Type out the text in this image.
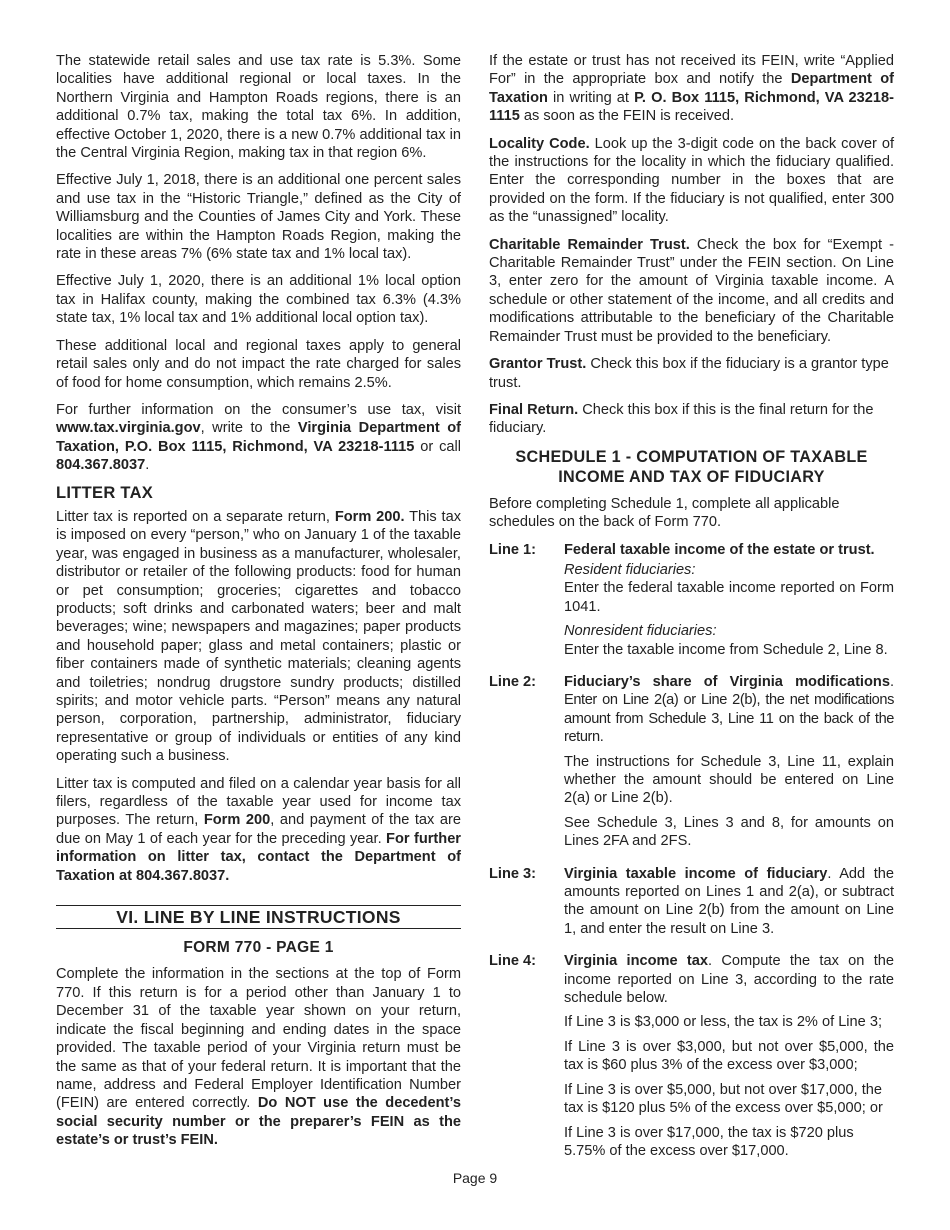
The statewide retail sales and use tax rate is 5.3%. Some localities have additional regional or local taxes. In the Northern Virginia and Hampton Roads regions, there is an additional 0.7% tax, making the total tax 6%. In addition, effective October 1, 2020, there is a new 0.7% additional tax in the Central Virginia Region, making tax in that region 6%.

Effective July 1, 2018, there is an additional one percent sales and use tax in the “Historic Triangle,” defined as the City of Williamsburg and the Counties of James City and York. These localities are within the Hampton Roads Region, making the rate in these areas 7% (6% state tax and 1% local tax).

Effective July 1, 2020, there is an additional 1% local option tax in Halifax county, making the combined tax 6.3% (4.3% state tax, 1% local tax and 1% additional local option tax).

These additional local and regional taxes apply to general retail sales only and do not impact the rate charged for sales of food for home consumption, which remains 2.5%.

For further information on the consumer’s use tax, visit www.tax.virginia.gov, write to the Virginia Department of Taxation, P.O. Box 1115, Richmond, VA 23218-1115 or call 804.367.8037.

LITTER TAX

Litter tax is reported on a separate return, Form 200. This tax is imposed on every “person,” who on January 1 of the taxable year, was engaged in business as a manufacturer, wholesaler, distributor or retailer of the following products: food for human or pet consumption; groceries; cigarettes and tobacco products; soft drinks and carbonated waters; beer and malt beverages; wine; newspapers and magazines; paper products and household paper; glass and metal containers; plastic or fiber containers made of synthetic materials; cleaning agents and toiletries; nondrug drugstore sundry products; distilled spirits; and motor vehicle parts. “Person” means any natural person, corporation, partnership, administrator, fiduciary representative or group of individuals or entities of any kind operating such a business.

Litter tax is computed and filed on a calendar year basis for all filers, regardless of the taxable year used for income tax purposes. The return, Form 200, and payment of the tax are due on May 1 of each year for the preceding year. For further information on litter tax, contact the Department of Taxation at 804.367.8037.

VI. LINE BY LINE INSTRUCTIONS
FORM 770 - PAGE 1

Complete the information in the sections at the top of Form 770. If this return is for a period other than January 1 to December 31 of the taxable year shown on your return, indicate the fiscal beginning and ending dates in the space provided. The taxable period of your Virginia return must be the same as that of your federal return. It is important that the name, address and Federal Employer Identification Number (FEIN) are entered correctly. Do NOT use the decedent’s social security number or the preparer’s FEIN as the estate’s or trust’s FEIN.

If the estate or trust has not received its FEIN, write “Applied For” in the appropriate box and notify the Department of Taxation in writing at P. O. Box 1115, Richmond, VA 23218-1115 as soon as the FEIN is received.

Locality Code. Look up the 3-digit code on the back cover of the instructions for the locality in which the fiduciary qualified. Enter the corresponding number in the boxes that are provided on the form. If the fiduciary is not qualified, enter 300 as the “unassigned” locality.

Charitable Remainder Trust. Check the box for “Exempt - Charitable Remainder Trust” under the FEIN section. On Line 3, enter zero for the amount of Virginia taxable income. A schedule or other statement of the income, and all credits and modifications attributable to the beneficiary of the Charitable Remainder Trust must be provided to the beneficiary.

Grantor Trust. Check this box if the fiduciary is a grantor type trust.

Final Return. Check this box if this is the final return for the fiduciary.

SCHEDULE 1 - COMPUTATION OF TAXABLE INCOME AND TAX OF FIDUCIARY

Before completing Schedule 1, complete all applicable schedules on the back of Form 770.

Line 1:	Federal taxable income of the estate or trust.

Resident fiduciaries:

Enter the federal taxable income reported on Form 1041.

Nonresident fiduciaries:

Enter the taxable income from Schedule 2, Line 8.

Line 2:	Fiduciary’s share of Virginia modifications. Enter on Line 2(a) or Line 2(b), the net modifications amount from Schedule 3, Line 11 on the back of the return.

The instructions for Schedule 3, Line 11, explain whether the amount should be entered on Line 2(a) or Line 2(b).

See Schedule 3, Lines 3 and 8, for amounts on Lines 2FA and 2FS.

Line 3:	Virginia taxable income of fiduciary. Add the amounts reported on Lines 1 and 2(a), or subtract the amount on Line 2(b) from the amount on Line 1, and enter the result on Line 3.

Line 4:	Virginia income tax. Compute the tax on the income reported on Line 3, according to the rate schedule below.

If Line 3 is $3,000 or less, the tax is 2% of Line 3;

If Line 3 is over $3,000, but not over $5,000, the tax is $60 plus 3% of the excess over $3,000;

If Line 3 is over $5,000, but not over $17,000, the tax is $120 plus 5% of the excess over $5,000; or

If Line 3 is over $17,000, the tax is $720 plus 5.75% of the excess over $17,000.

Page 9
